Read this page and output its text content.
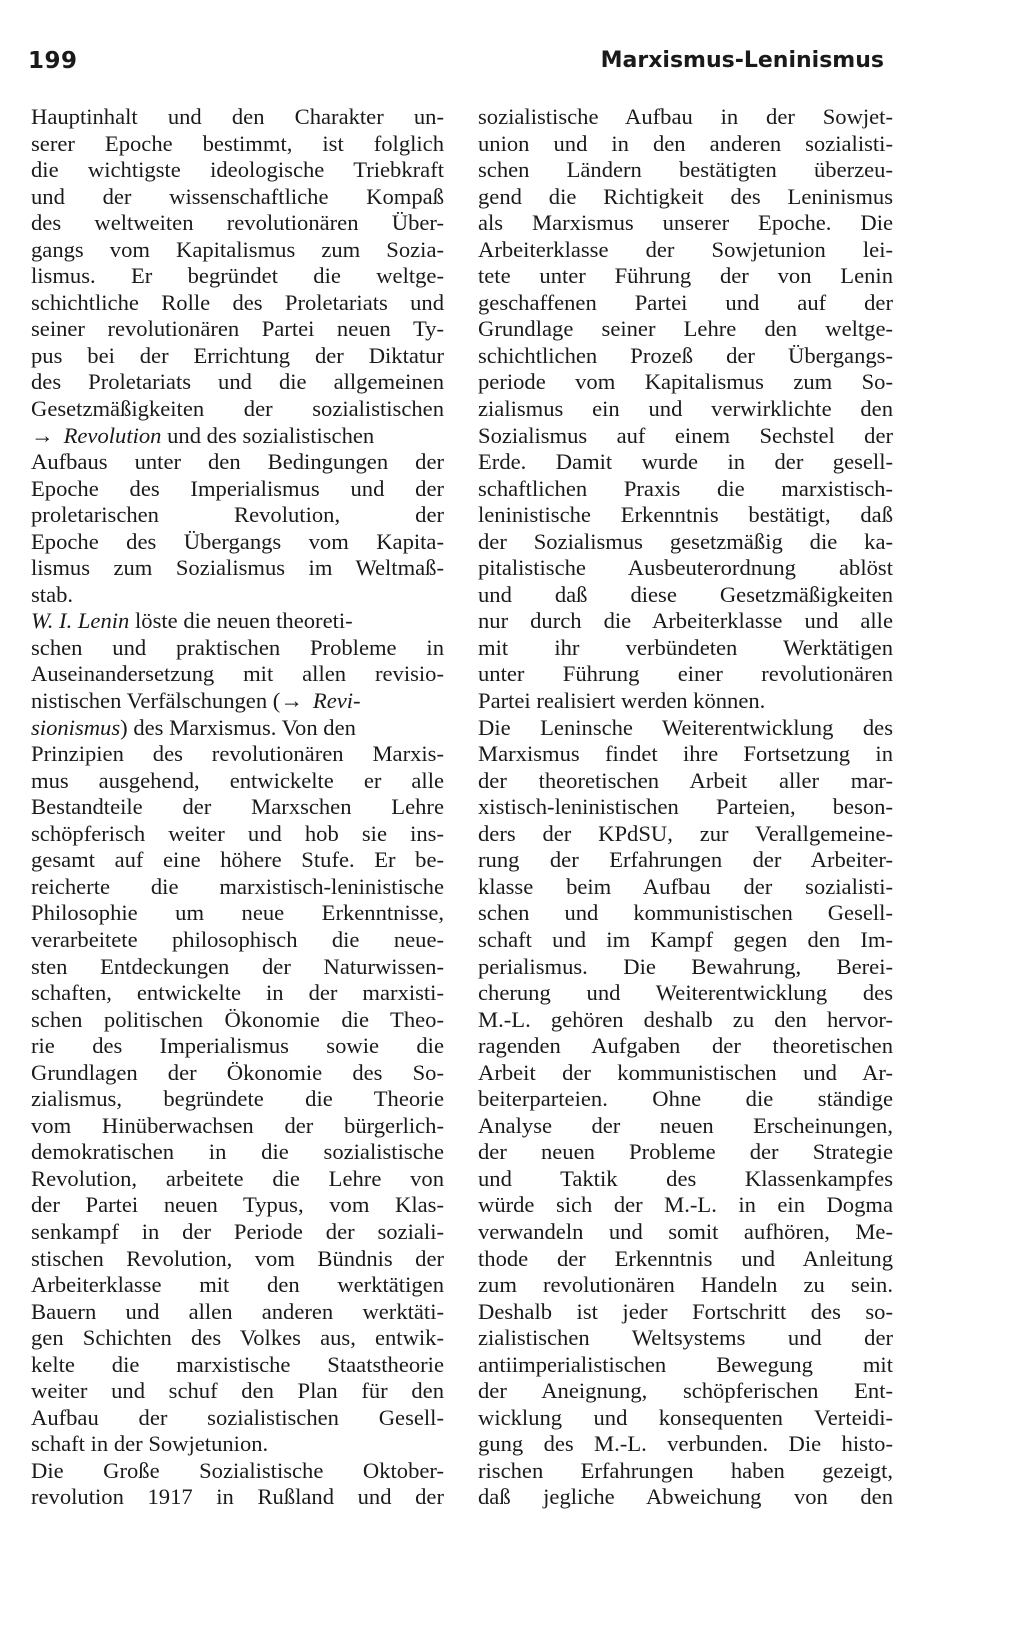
199	Marxismus-Leninismus
Hauptinhalt und den Charakter un-
serer Epoche bestimmt, ist folglich
die wichtigste ideologische Triebkraft
und der wissenschaftliche Kompaß
des weltweiten revolutionären Über-
gangs vom Kapitalismus zum Sozia-
lismus. Er begründet die weltge-
schichtliche Rolle des Proletariats und
seiner revolutionären Partei neuen Ty-
pus bei der Errichtung der Diktatur
des Proletariats und die allgemeinen
Gesetzmäßigkeiten der sozialistischen
→ Revolution und des sozialistischen
Aufbaus unter den Bedingungen der
Epoche des Imperialismus und der
proletarischen Revolution, der
Epoche des Übergangs vom Kapita-
lismus zum Sozialismus im Weltmaß-
stab.
W. I. Lenin löste die neuen theoreti-
schen und praktischen Probleme in
Auseinandersetzung mit allen revisio-
nistischen Verfälschungen (→ Revi-
sionismus) des Marxismus. Von den
Prinzipien des revolutionären Marxis-
mus ausgehend, entwickelte er alle
Bestandteile der Marxschen Lehre
schöpferisch weiter und hob sie ins-
gesamt auf eine höhere Stufe. Er be-
reicherte die marxistisch-leninistische
Philosophie um neue Erkenntnisse,
verarbeitete philosophisch die neue-
sten Entdeckungen der Naturwissen-
schaften, entwickelte in der marxisti-
schen politischen Ökonomie die Theo-
rie des Imperialismus sowie die
Grundlagen der Ökonomie des So-
zialismus, begründete die Theorie
vom Hinüberwachsen der bürgerlich-
demokratischen in die sozialistische
Revolution, arbeitete die Lehre von
der Partei neuen Typus, vom Klas-
senkampf in der Periode der soziali-
stischen Revolution, vom Bündnis der
Arbeiterklasse mit den werktätigen
Bauern und allen anderen werktäti-
gen Schichten des Volkes aus, entwik-
kelte die marxistische Staatstheorie
weiter und schuf den Plan für den
Aufbau der sozialistischen Gesell-
schaft in der Sowjetunion.
Die Große Sozialistische Oktober-
revolution 1917 in Rußland und der
sozialistische Aufbau in der Sowjet-
union und in den anderen sozialisti-
schen Ländern bestätigten überzeu-
gend die Richtigkeit des Leninismus
als Marxismus unserer Epoche. Die
Arbeiterklasse der Sowjetunion lei-
tete unter Führung der von Lenin
geschaffenen Partei und auf der
Grundlage seiner Lehre den weltge-
schichtlichen Prozeß der Übergangs-
periode vom Kapitalismus zum So-
zialismus ein und verwirklichte den
Sozialismus auf einem Sechstel der
Erde. Damit wurde in der gesell-
schaftlichen Praxis die marxistisch-
leninistische Erkenntnis bestätigt, daß
der Sozialismus gesetzmäßig die ka-
pitalistische Ausbeuterordnung ablöst
und daß diese Gesetzmäßigkeiten
nur durch die Arbeiterklasse und alle
mit ihr verbündeten Werktätigen
unter Führung einer revolutionären
Partei realisiert werden können.
Die Leninsche Weiterentwicklung des
Marxismus findet ihre Fortsetzung in
der theoretischen Arbeit aller mar-
xistisch-leninistischen Parteien, beson-
ders der KPdSU, zur Verallgemeine-
rung der Erfahrungen der Arbeiter-
klasse beim Aufbau der sozialisti-
schen und kommunistischen Gesell-
schaft und im Kampf gegen den Im-
perialismus. Die Bewahrung, Berei-
cherung und Weiterentwicklung des
M.-L. gehören deshalb zu den hervor-
ragenden Aufgaben der theoretischen
Arbeit der kommunistischen und Ar-
beiterparteien. Ohne die ständige
Analyse der neuen Erscheinungen,
der neuen Probleme der Strategie
und Taktik des Klassenkampfes
würde sich der M.-L. in ein Dogma
verwandeln und somit aufhören, Me-
thode der Erkenntnis und Anleitung
zum revolutionären Handeln zu sein.
Deshalb ist jeder Fortschritt des so-
zialistischen Weltsystems und der
antiimperialistischen Bewegung mit
der Aneignung, schöpferischen Ent-
wicklung und konsequenten Verteidi-
gung des M.-L. verbunden. Die histo-
rischen Erfahrungen haben gezeigt,
daß jegliche Abweichung von den
